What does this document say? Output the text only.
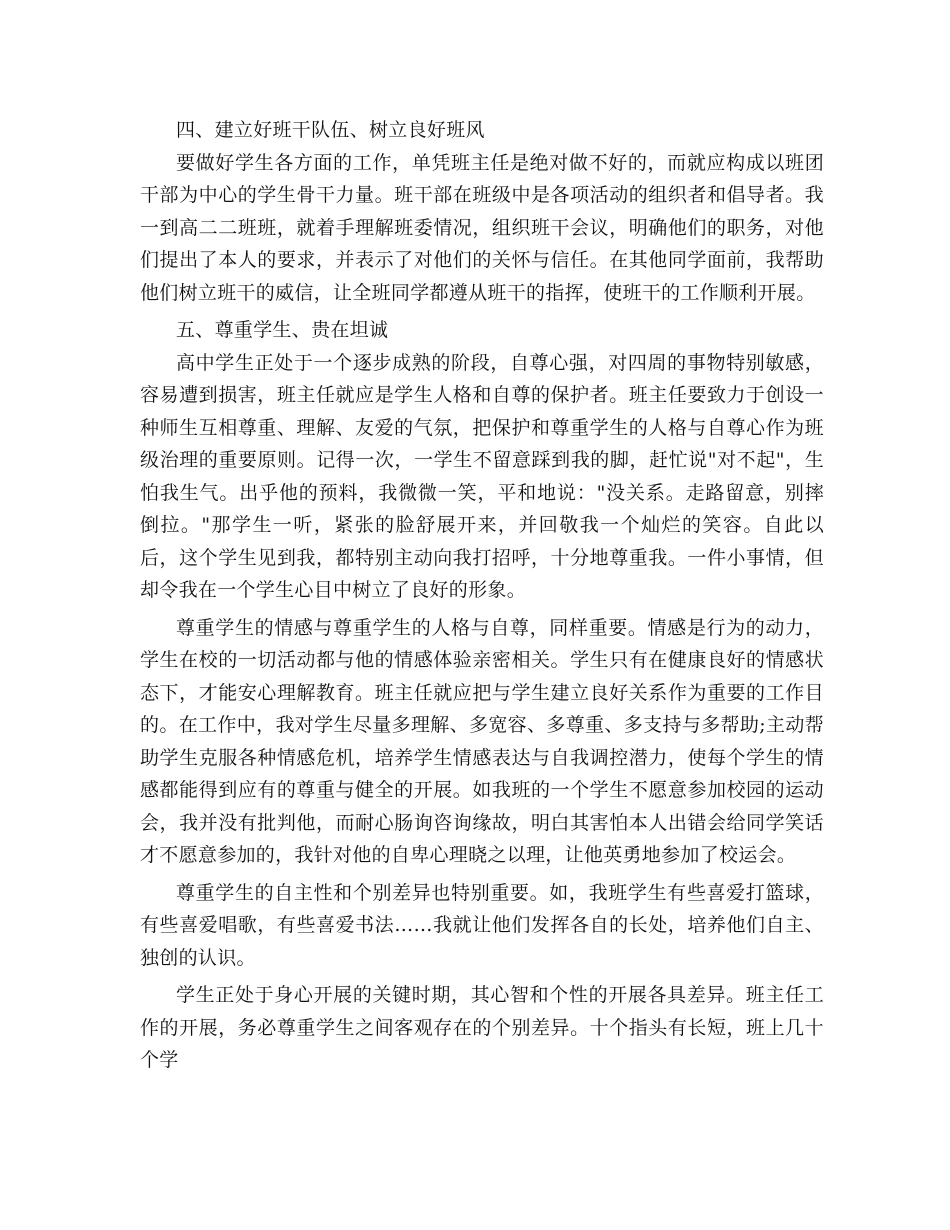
四、建立好班干队伍、树立良好班风

要做好学生各方面的工作，单凭班主任是绝对做不好的，而就应构成以班团干部为中心的学生骨干力量。班干部在班级中是各项活动的组织者和倡导者。我一到高二二班班，就着手理解班委情况，组织班干会议，明确他们的职务，对他们提出了本人的要求，并表示了对他们的关怀与信任。在其他同学面前，我帮助他们树立班干的威信，让全班同学都遵从班干的指挥，使班干的工作顺利开展。

五、尊重学生、贵在坦诚

高中学生正处于一个逐步成熟的阶段，自尊心强，对四周的事物特别敏感，容易遭到损害，班主任就应是学生人格和自尊的保护者。班主任要致力于创设一种师生互相尊重、理解、友爱的气氛，把保护和尊重学生的人格与自尊心作为班级治理的重要原则。记得一次，一学生不留意踩到我的脚，赶忙说"对不起"，生怕我生气。出乎他的预料，我微微一笑，平和地说："没关系。走路留意，别摔倒拉。"那学生一听，紧张的脸舒展开来，并回敬我一个灿烂的笑容。自此以后，这个学生见到我，都特别主动向我打招呼，十分地尊重我。一件小事情，但却令我在一个学生心目中树立了良好的形象。

尊重学生的情感与尊重学生的人格与自尊，同样重要。情感是行为的动力，学生在校的一切活动都与他的情感体验亲密相关。学生只有在健康良好的情感状态下，才能安心理解教育。班主任就应把与学生建立良好关系作为重要的工作目的。在工作中，我对学生尽量多理解、多宽容、多尊重、多支持与多帮助;主动帮助学生克服各种情感危机，培养学生情感表达与自我调控潜力，使每个学生的情感都能得到应有的尊重与健全的开展。如我班的一个学生不愿意参加校园的运动会，我并没有批判他，而耐心肠询咨询缘故，明白其害怕本人出错会给同学笑话才不愿意参加的，我针对他的自卑心理晓之以理，让他英勇地参加了校运会。

尊重学生的自主性和个别差异也特别重要。如，我班学生有些喜爱打篮球，有些喜爱唱歌，有些喜爱书法……我就让他们发挥各自的长处，培养他们自主、独创的认识。

学生正处于身心开展的关键时期，其心智和个性的开展各具差异。班主任工作的开展，务必尊重学生之间客观存在的个别差异。十个指头有长短，班上几十个学
